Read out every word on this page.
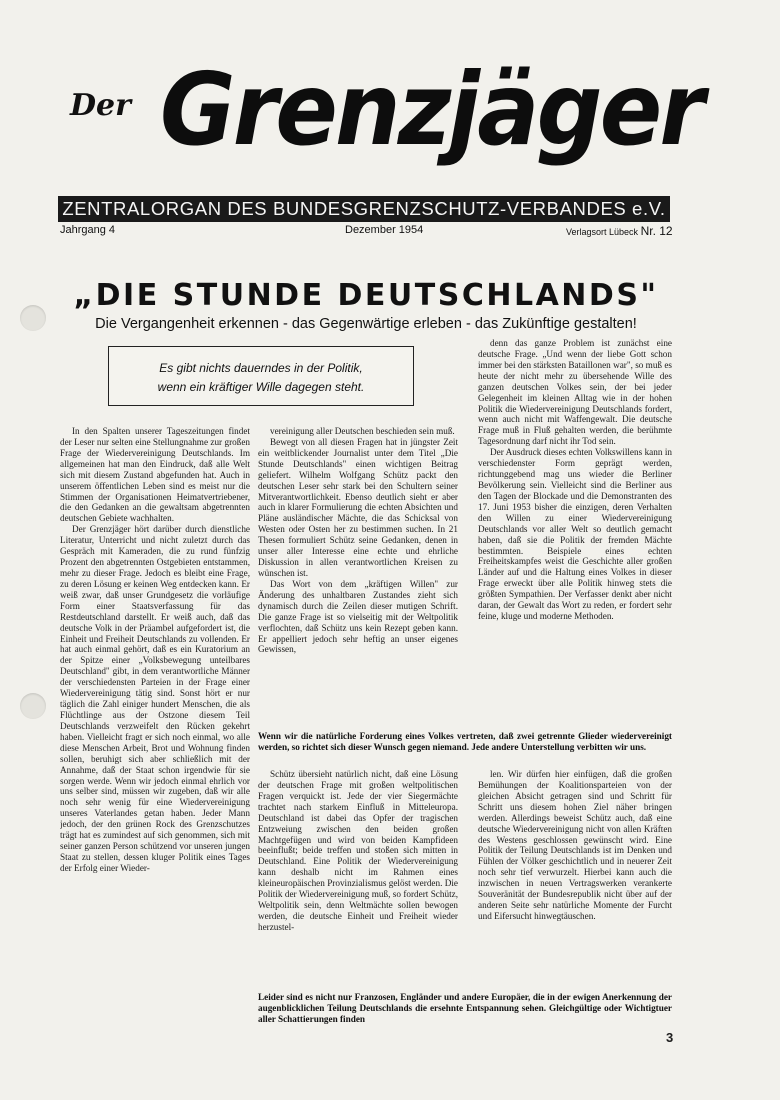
Der Grenzjäger
ZENTRALORGAN DES BUNDESGRENZSCHUTZ-VERBANDES e.V.
Jahrgang 4	Dezember 1954	Verlagsort Lübeck Nr. 12
„DIE STUNDE DEUTSCHLANDS"
Die Vergangenheit erkennen - das Gegenwärtige erleben - das Zukünftige gestalten!
Es gibt nichts dauerndes in der Politik,
wenn ein kräftiger Wille dagegen steht.

In den Spalten unserer Tageszeitungen findet der Leser nur selten eine Stellungnahme zur großen Frage der Wiedervereinigung Deutschlands. Im allgemeinen hat man den Eindruck, daß alle Welt sich mit diesem Zustand abgefunden hat. Auch in unserem öffentlichen Leben sind es meist nur die Stimmen der Organisationen Heimatvertriebener, die den Gedanken an die gewaltsam abgetrennten deutschen Gebiete wachhalten.

Der Grenzjäger hört darüber durch dienstliche Literatur, Unterricht und nicht zuletzt durch das Gespräch mit Kameraden, die zu rund fünfzig Prozent den abgetrennten Ostgebieten entstammen, mehr zu dieser Frage. Jedoch es bleibt eine Frage, zu deren Lösung er keinen Weg entdecken kann. Er weiß zwar, daß unser Grundgesetz die vorläufige Form einer Staatsverfassung für das Restdeutschland darstellt. Er weiß auch, daß das deutsche Volk in der Präambel aufgefordert ist, die Einheit und Freiheit Deutschlands zu vollenden. Er hat auch einmal gehört, daß es ein Kuratorium an der Spitze einer „Volksbewegung unteilbares Deutschland" gibt, in dem verantwortliche Männer der verschiedensten Parteien in der Frage einer Wiedervereinigung tätig sind. Sonst hört er nur täglich die Zahl einiger hundert Menschen, die als Flüchtlinge aus der Ostzone diesem Teil Deutschlands verzweifelt den Rücken gekehrt haben. Vielleicht fragt er sich noch einmal, wo alle diese Menschen Arbeit, Brot und Wohnung finden sollen, beruhigt sich aber schließlich mit der Annahme, daß der Staat schon irgendwie für sie sorgen werde. Wenn wir jedoch einmal ehrlich vor uns selber sind, müssen wir zugeben, daß wir alle noch sehr wenig für eine Wiedervereinigung unseres Vaterlandes getan haben. Jeder Mann jedoch, der den grünen Rock des Grenzschutzes trägt hat es zumindest auf sich genommen, sich mit seiner ganzen Person schützend vor unseren jungen Staat zu stellen, dessen kluger Politik eines Tages der Erfolg einer Wieder-

vereinigung aller Deutschen beschieden sein muß.

Bewegt von all diesen Fragen hat in jüngster Zeit ein weitblickender Journalist unter dem Titel „Die Stunde Deutschlands" einen wichtigen Beitrag geliefert. Wilhelm Wolfgang Schütz packt den deutschen Leser sehr stark bei den Schultern seiner Mitverantwortlichkeit. Ebenso deutlich sieht er aber auch in klarer Formulierung die echten Absichten und Pläne ausländischer Mächte, die das Schicksal von Westen oder Osten her zu bestimmen suchen. In 21 Thesen formuliert Schütz seine Gedanken, denen in unser aller Interesse eine echte und ehrliche Diskussion in allen verantwortlichen Kreisen zu wünschen ist.

Das Wort von dem „kräftigen Willen" zur Änderung des unhaltbaren Zustandes zieht sich dynamisch durch die Zeilen dieser mutigen Schrift. Die ganze Frage ist so vielseitig mit der Weltpolitik verflochten, daß Schütz uns kein Rezept geben kann. Er appelliert jedoch sehr heftig an unser eigenes Gewissen,

denn das ganze Problem ist zunächst eine deutsche Frage. „Und wenn der liebe Gott schon immer bei den stärksten Bataillonen war", so muß es heute der nicht mehr zu übersehende Wille des ganzen deutschen Volkes sein, der bei jeder Gelegenheit im kleinen Alltag wie in der hohen Politik die Wiedervereinigung Deutschlands fordert, wenn auch nicht mit Waffengewalt. Die deutsche Frage muß in Fluß gehalten werden, die berühmte Tagesordnung darf nicht ihr Tod sein.

Der Ausdruck dieses echten Volkswillens kann in verschiedenster Form geprägt werden, richtunggebend mag uns wieder die Berliner Bevölkerung sein. Vielleicht sind die Berliner aus den Tagen der Blockade und die Demonstranten des 17. Juni 1953 bisher die einzigen, deren Verhalten den Willen zu einer Wiedervereinigung Deutschlands vor aller Welt so deutlich gemacht haben, daß sie die Politik der fremden Mächte bestimmten. Beispiele eines echten Freiheitskampfes weist die Geschichte aller großen Länder auf und die Haltung eines Volkes in dieser Frage erweckt über alle Politik hinweg stets die größten Sympathien. Der Verfasser denkt aber nicht daran, der Gewalt das Wort zu reden, er fordert sehr feine, kluge und moderne Methoden.

Wenn wir die natürliche Forderung eines Volkes vertreten, daß zwei getrennte Glieder wiedervereinigt werden, so richtet sich dieser Wunsch gegen niemand. Jede andere Unterstellung verbitten wir uns.

Schütz übersieht natürlich nicht, daß eine Lösung der deutschen Frage mit großen weltpolitischen Fragen verquickt ist. Jede der vier Siegermächte trachtet nach starkem Einfluß in Mitteleuropa. Deutschland ist dabei das Opfer der tragischen Entzweiung zwischen den beiden großen Machtgefügen und wird von beiden Kampfideen beeinflußt; beide treffen und stoßen sich mitten in Deutschland. Eine Politik der Wiedervereinigung kann deshalb nicht im Rahmen eines kleineuropäischen Provinzialismus gelöst werden. Die Politik der Wiedervereinigung muß, so fordert Schütz, Weltpolitik sein, denn Weltmächte sollen bewogen werden, die deutsche Einheit und Freiheit wieder herzustel-

len. Wir dürfen hier einfügen, daß die großen Bemühungen der Koalitionsparteien von der gleichen Absicht getragen sind und Schritt für Schritt uns diesem hohen Ziel näher bringen werden. Allerdings beweist Schütz auch, daß eine deutsche Wiedervereinigung nicht von allen Kräften des Westens geschlossen gewünscht wird. Eine Politik der Teilung Deutschlands ist im Denken und Fühlen der Völker geschichtlich und in neuerer Zeit noch sehr tief verwurzelt. Hierbei kann auch die inzwischen in neuen Vertragswerken verankerte Souveränität der Bundesrepublik nicht über auf der anderen Seite sehr natürliche Momente der Furcht und Eifersucht hinwegtäuschen.

Leider sind es nicht nur Franzosen, Engländer und andere Europäer, die in der ewigen Anerkennung der augenblicklichen Teilung Deutschlands die ersehnte Entspannung sehen. Gleichgültige oder Wichtigtuer aller Schattierungen finden
3
